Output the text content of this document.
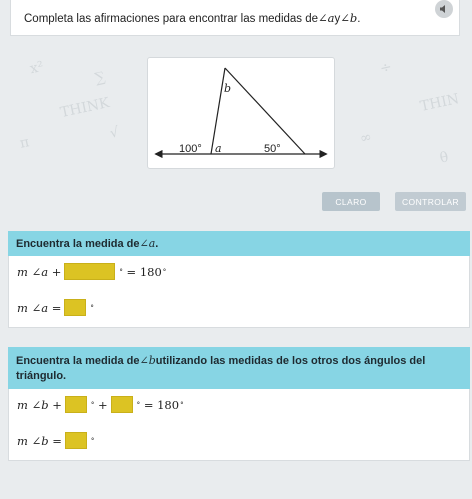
x²
THINK
∑
π
√
÷
THIN
∞
θ
Completa las afirmaciones para encontrar las medidas de∠ay∠b.
b
a
100°	50°
CLARO	CONTROLAR
Encuentra la medida de ∠a .
m
∠a
+	°
=
180 °
m
∠a
=	°
Encuentra la medida de∠butilizando las medidas de los otros dos ángulos del triángulo.
m
∠b
+	°
+	°
=
180 °
m
∠b
=	°
